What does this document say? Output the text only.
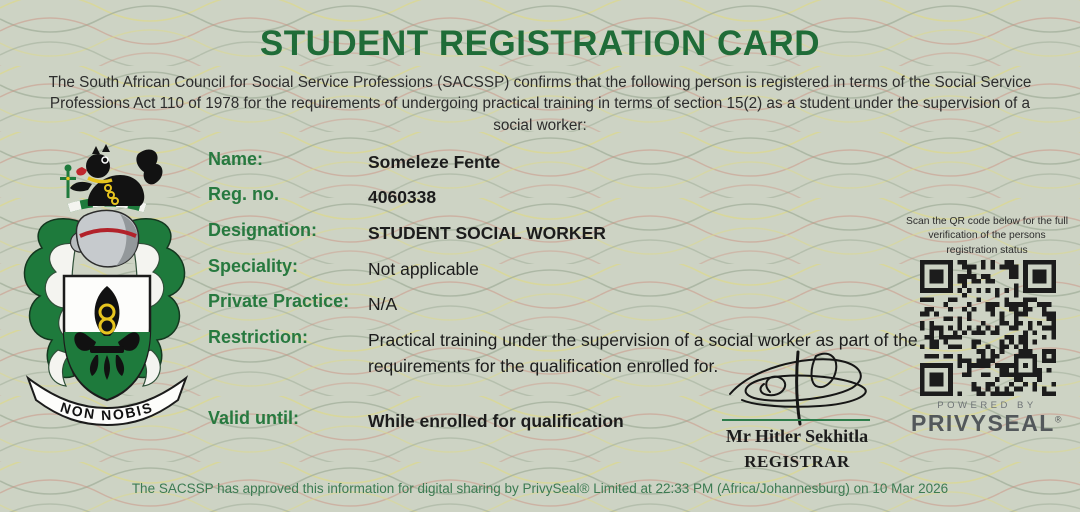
STUDENT REGISTRATION CARD
The South African Council for Social Service Professions (SACSSP) confirms that the following person is registered in terms of the Social Service Professions Act 110 of 1978 for the requirements of undergoing practical training in terms of section 15(2) as a student under the supervision of a social worker:
NON NOBIS
Name:	Someleze Fente
Reg. no.	4060338
Designation:	STUDENT SOCIAL WORKER
Speciality:	Not applicable
Private Practice:	N/A
Restriction:	Practical training under the supervision of a social worker as part of the requirements for the qualification enrolled for.
Valid until:	While enrolled for qualification
Mr Hitler Sekhitla
REGISTRAR
Scan the QR code below for the full verification of the persons registration status
POWERED BY
PRIVYSEAL®
The SACSSP has approved this information for digital sharing by PrivySeal® Limited at 22:33 PM (Africa/Johannesburg) on 10 Mar 2026
